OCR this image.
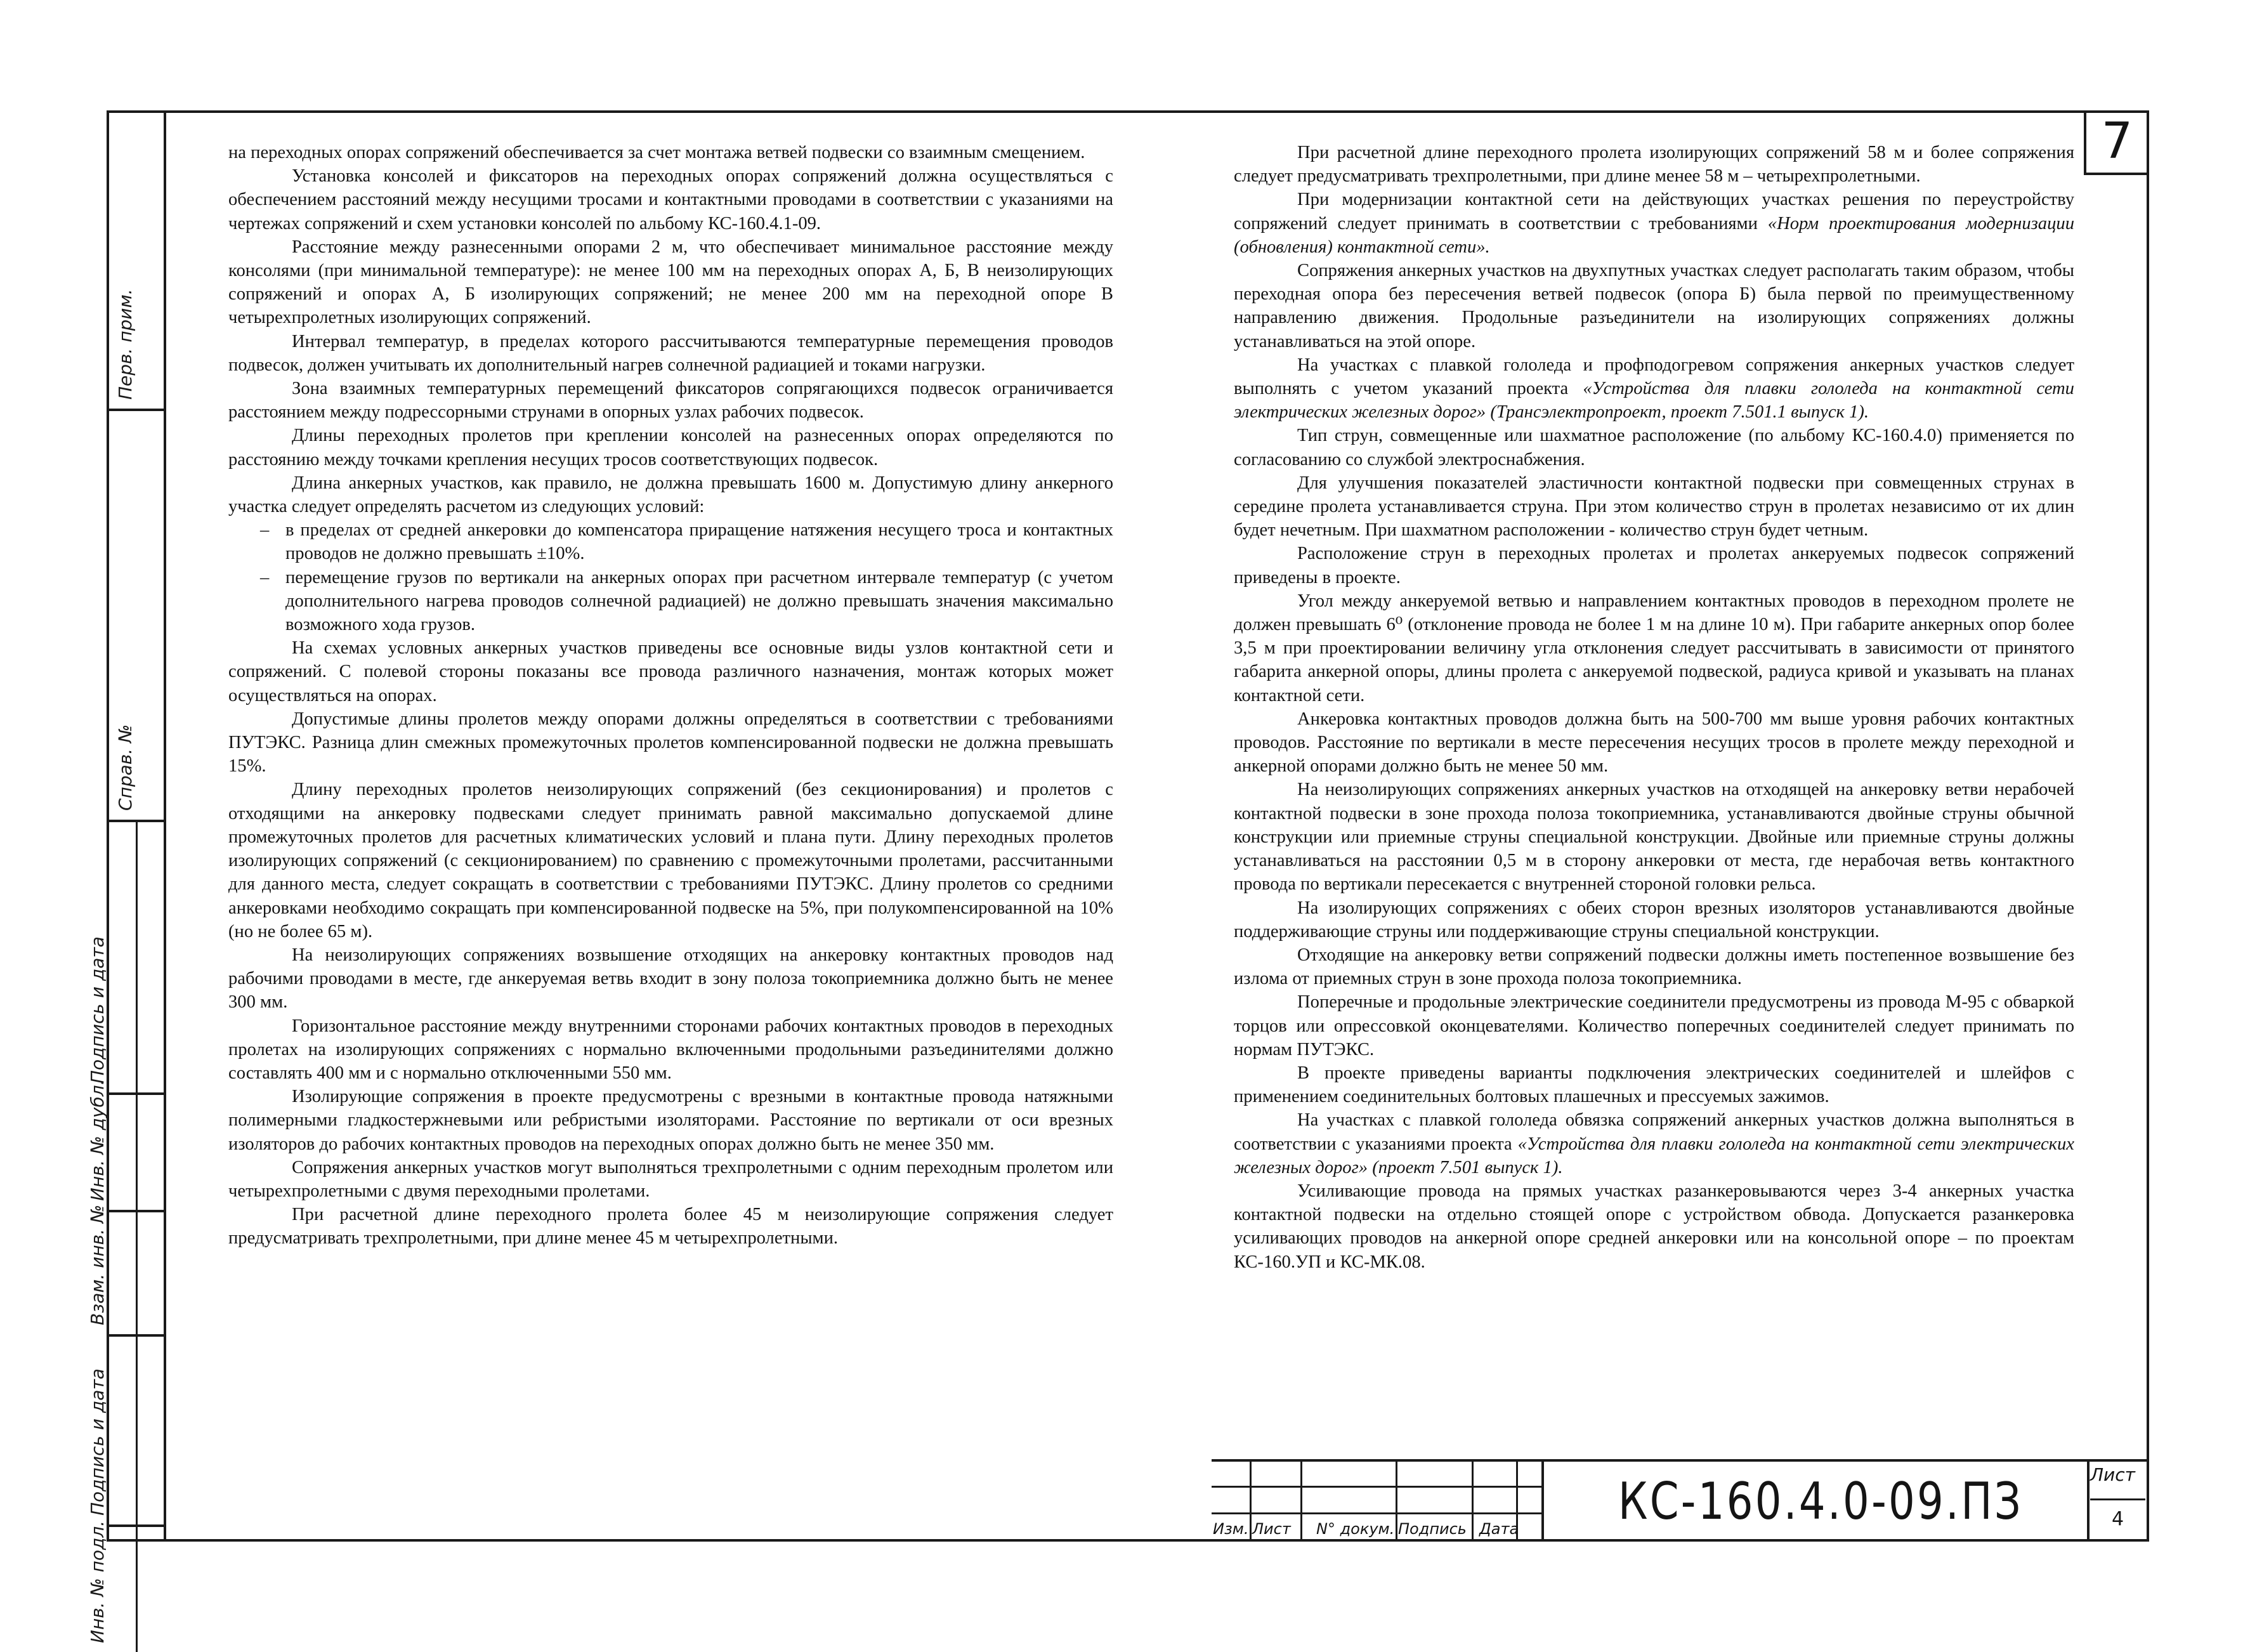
Перв. прим.
Справ. №
Подпись и дата
Инв. № дубл.
Взам. инв. №
Подпись и дата
Инв. № подл.
7

на переходных опорах сопряжений обеспечивается за счет монтажа ветвей подвески со взаимным смещением.

Установка консолей и фиксаторов на переходных опорах сопряжений должна осуществляться с обеспечением расстояний между несущими тросами и контактными проводами в соответствии с указаниями на чертежах сопряжений и схем установки консолей по альбому КС-160.4.1-09.

Расстояние между разнесенными опорами 2 м, что обеспечивает минимальное расстояние между консолями (при минимальной температуре): не менее 100 мм на переходных опорах А, Б, В неизолирующих сопряжений и опорах А, Б изолирующих сопряжений; не менее 200 мм на переходной опоре В четырехпролетных изолирующих сопряжений.

Интервал температур, в пределах которого рассчитываются температурные перемещения проводов подвесок, должен учитывать их дополнительный нагрев солнечной радиацией и токами нагрузки.

Зона взаимных температурных перемещений фиксаторов сопрягающихся подвесок ограничивается расстоянием между подрессорными струнами в опорных узлах рабочих подвесок.

Длины переходных пролетов при креплении консолей на разнесенных опорах определяются по расстоянию между точками крепления несущих тросов соответствующих подвесок.

Длина анкерных участков, как правило, не должна превышать 1600 м. Допустимую длину анкерного участка следует определять расчетом из следующих условий:

– в пределах от средней анкеровки до компенсатора приращение натяжения несущего троса и контактных проводов не должно превышать ±10%.
– перемещение грузов по вертикали на анкерных опорах при расчетном интервале температур (с учетом дополнительного нагрева проводов солнечной радиацией) не должно превышать значения максимально возможного хода грузов.

На схемах условных анкерных участков приведены все основные виды узлов контактной сети и сопряжений. С полевой стороны показаны все провода различного назначения, монтаж которых может осуществляться на опорах.

Допустимые длины пролетов между опорами должны определяться в соответствии с требованиями ПУТЭКС. Разница длин смежных промежуточных пролетов компенсированной подвески не должна превышать 15%.

Длину переходных пролетов неизолирующих сопряжений (без секционирования) и пролетов с отходящими на анкеровку подвесками следует принимать равной максимально допускаемой длине промежуточных пролетов для расчетных климатических условий и плана пути. Длину переходных пролетов изолирующих сопряжений (с секционированием) по сравнению с промежуточными пролетами, рассчитанными для данного места, следует сокращать в соответствии с требованиями ПУТЭКС. Длину пролетов со средними анкеровками необходимо сокращать при компенсированной подвеске на 5%, при полукомпенсированной на 10% (но не более 65 м).

На неизолирующих сопряжениях возвышение отходящих на анкеровку контактных проводов над рабочими проводами в месте, где анкеруемая ветвь входит в зону полоза токоприемника должно быть не менее 300 мм.

Горизонтальное расстояние между внутренними сторонами рабочих контактных проводов в переходных пролетах на изолирующих сопряжениях с нормально включенными продольными разъединителями должно составлять 400 мм и с нормально отключенными 550 мм.

Изолирующие сопряжения в проекте предусмотрены с врезными в контактные провода натяжными полимерными гладкостержневыми или ребристыми изоляторами. Расстояние по вертикали от оси врезных изоляторов до рабочих контактных проводов на переходных опорах должно быть не менее 350 мм.

Сопряжения анкерных участков могут выполняться трехпролетными с одним переходным пролетом или четырехпролетными с двумя переходными пролетами.

При расчетной длине переходного пролета более 45 м неизолирующие сопряжения следует предусматривать трехпролетными, при длине менее 45 м четырехпролетными.

При расчетной длине переходного пролета изолирующих сопряжений 58 м и более сопряжения следует предусматривать трехпролетными, при длине менее 58 м – четырехпролетными.

При модернизации контактной сети на действующих участках решения по переустройству сопряжений следует принимать в соответствии с требованиями «Норм проектирования модернизации (обновления) контактной сети».

Сопряжения анкерных участков на двухпутных участках следует располагать таким образом, чтобы переходная опора без пересечения ветвей подвесок (опора Б) была первой по преимущественному направлению движения. Продольные разъединители на изолирующих сопряжениях должны устанавливаться на этой опоре.

На участках с плавкой гололеда и профподогревом сопряжения анкерных участков следует выполнять с учетом указаний проекта «Устройства для плавки гололеда на контактной сети электрических железных дорог» (Трансэлектропроект, проект 7.501.1 выпуск 1).

Тип струн, совмещенные или шахматное расположение (по альбому КС-160.4.0) применяется по согласованию со службой электроснабжения.

Для улучшения показателей эластичности контактной подвески при совмещенных струнах в середине пролета устанавливается струна. При этом количество струн в пролетах независимо от их длин будет нечетным. При шахматном расположении - количество струн будет четным.

Расположение струн в переходных пролетах и пролетах анкеруемых подвесок сопряжений приведены в проекте.

Угол между анкеруемой ветвью и направлением контактных проводов в переходном пролете не должен превышать 6⁰ (отклонение провода не более 1 м на длине 10 м). При габарите анкерных опор более 3,5 м при проектировании величину угла отклонения следует рассчитывать в зависимости от принятого габарита анкерной опоры, длины пролета с анкеруемой подвеской, радиуса кривой и указывать на планах контактной сети.

Анкеровка контактных проводов должна быть на 500-700 мм выше уровня рабочих контактных проводов. Расстояние по вертикали в месте пересечения несущих тросов в пролете между переходной и анкерной опорами должно быть не менее 50 мм.

На неизолирующих сопряжениях анкерных участков на отходящей на анкеровку ветви нерабочей контактной подвески в зоне прохода полоза токоприемника, устанавливаются двойные струны обычной конструкции или приемные струны специальной конструкции. Двойные или приемные струны должны устанавливаться на расстоянии 0,5 м в сторону анкеровки от места, где нерабочая ветвь контактного провода по вертикали пересекается с внутренней стороной головки рельса.

На изолирующих сопряжениях с обеих сторон врезных изоляторов устанавливаются двойные поддерживающие струны или поддерживающие струны специальной конструкции.

Отходящие на анкеровку ветви сопряжений подвески должны иметь постепенное возвышение без излома от приемных струн в зоне прохода полоза токоприемника.

Поперечные и продольные электрические соединители предусмотрены из провода М-95 с обваркой торцов или опрессовкой оконцевателями. Количество поперечных соединителей следует принимать по нормам ПУТЭКС.

В проекте приведены варианты подключения электрических соединителей и шлейфов с применением соединительных болтовых плашечных и прессуемых зажимов.

На участках с плавкой гололеда обвязка сопряжений анкерных участков должна выполняться в соответствии с указаниями проекта «Устройства для плавки гололеда на контактной сети электрических железных дорог» (проект 7.501 выпуск 1).

Усиливающие провода на прямых участках разанкеровываются через 3-4 анкерных участка контактной подвески на отдельно стоящей опоре с устройством обвода. Допускается разанкеровка усиливающих проводов на анкерной опоре средней анкеровки или на консольной опоре – по проектам КС-160.УП и КС-МК.08.

Изм. Лист N° докум. Подпись Дата КС-160.4.0-09.ПЗ	Лист
4
